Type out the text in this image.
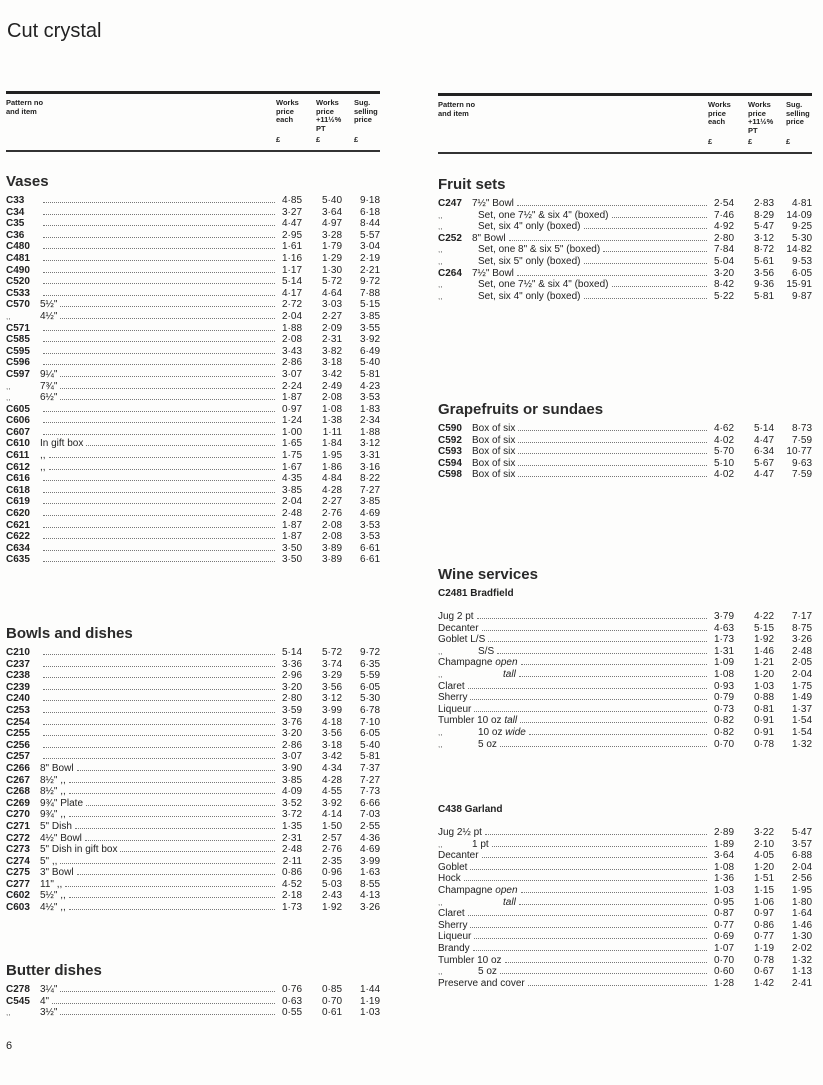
Cut crystal
Pattern no
and item
Works
price
each
£
Works
price
+11½%
PT
£
Sug.
selling
price
£
Pattern no
and item
Works
price
each
£
Works
price
+11½%
PT
£
Sug.
selling
price
£
Vases
C33	4·85	5·40	9·18
C34	3·27	3·64	6·18
C35	4·47	4·97	8·44
C36	2·95	3·28	5·57
C480	1·61	1·79	3·04
C481	1·16	1·29	2·19
C490	1·17	1·30	2·21
C520	5·14	5·72	9·72
C533	4·17	4·64	7·88
C570	5½"	2·72	3·03	5·15
,,	4½"	2·04	2·27	3·85
C571	1·88	2·09	3·55
C585	2·08	2·31	3·92
C595	3·43	3·82	6·49
C596	2·86	3·18	5·40
C597	9¼"	3·07	3·42	5·81
,,	7¾"	2·24	2·49	4·23
,,	6½"	1·87	2·08	3·53
C605	0·97	1·08	1·83
C606	1·24	1·38	2·34
C607	1·00	1·11	1·88
C610	In gift box	1·65	1·84	3·12
C611	,,	1·75	1·95	3·31
C612	,,	1·67	1·86	3·16
C616	4·35	4·84	8·22
C618	3·85	4·28	7·27
C619	2·04	2·27	3·85
C620	2·48	2·76	4·69
C621	1·87	2·08	3·53
C622	1·87	2·08	3·53
C634	3·50	3·89	6·61
C635	3·50	3·89	6·61
Bowls and dishes
C210	5·14	5·72	9·72
C237	3·36	3·74	6·35
C238	2·96	3·29	5·59
C239	3·20	3·56	6·05
C240	2·80	3·12	5·30
C253	3·59	3·99	6·78
C254	3·76	4·18	7·10
C255	3·20	3·56	6·05
C256	2·86	3·18	5·40
C257	3·07	3·42	5·81
C266	8" Bowl	3·90	4·34	7·37
C267	8½" ,,	3·85	4·28	7·27
C268	8½" ,,	4·09	4·55	7·73
C269	9¾" Plate	3·52	3·92	6·66
C270	9¾" ,,	3·72	4·14	7·03
C271	5" Dish	1·35	1·50	2·55
C272	4½" Bowl	2·31	2·57	4·36
C273	5" Dish in gift box	2·48	2·76	4·69
C274	5" ,,	2·11	2·35	3·99
C275	3" Bowl	0·86	0·96	1·63
C277	11" ,,	4·52	5·03	8·55
C602	5½" ,,	2·18	2·43	4·13
C603	4½" ,,	1·73	1·92	3·26
Butter dishes
C278	3¼"	0·76	0·85	1·44
C545	4"	0·63	0·70	1·19
,,	3½"	0·55	0·61	1·03
Fruit sets
C247	7½" Bowl	2·54	2·83	4·81
,,	Set, one 7½" & six 4" (boxed)	7·46	8·29	14·09
,,	Set, six 4" only (boxed)	4·92	5·47	9·25
C252	8" Bowl	2·80	3·12	5·30
,,	Set, one 8" & six 5" (boxed)	7·84	8·72	14·82
,,	Set, six 5" only (boxed)	5·04	5·61	9·53
C264	7½" Bowl	3·20	3·56	6·05
,,	Set, one 7½" & six 4" (boxed)	8·42	9·36	15·91
,,	Set, six 4" only (boxed)	5·22	5·81	9·87
Grapefruits or sundaes
C590	Box of six	4·62	5·14	8·73
C592	Box of six	4·02	4·47	7·59
C593	Box of six	5·70	6·34	10·77
C594	Box of six	5·10	5·67	9·63
C598	Box of six	4·02	4·47	7·59
Wine services
C2481 Bradfield
Jug 2 pt	3·79	4·22	7·17
Decanter	4·63	5·15	8·75
Goblet L/S	1·73	1·92	3·26
,,	S/S	1·31	1·46	2·48
Champagne open	1·09	1·21	2·05
,,	tall	1·08	1·20	2·04
Claret	0·93	1·03	1·75
Sherry	0·79	0·88	1·49
Liqueur	0·73	0·81	1·37
Tumbler 10 oz tall	0·82	0·91	1·54
,,	10 oz wide	0·82	0·91	1·54
,,	5 oz	0·70	0·78	1·32
C438 Garland
Jug 2½ pt	2·89	3·22	5·47
,,	1 pt	1·89	2·10	3·57
Decanter	3·64	4·05	6·88
Goblet	1·08	1·20	2·04
Hock	1·36	1·51	2·56
Champagne open	1·03	1·15	1·95
,,	tall	0·95	1·06	1·80
Claret	0·87	0·97	1·64
Sherry	0·77	0·86	1·46
Liqueur	0·69	0·77	1·30
Brandy	1·07	1·19	2·02
Tumbler 10 oz	0·70	0·78	1·32
,,	5 oz	0·60	0·67	1·13
Preserve and cover	1·28	1·42	2·41
6
